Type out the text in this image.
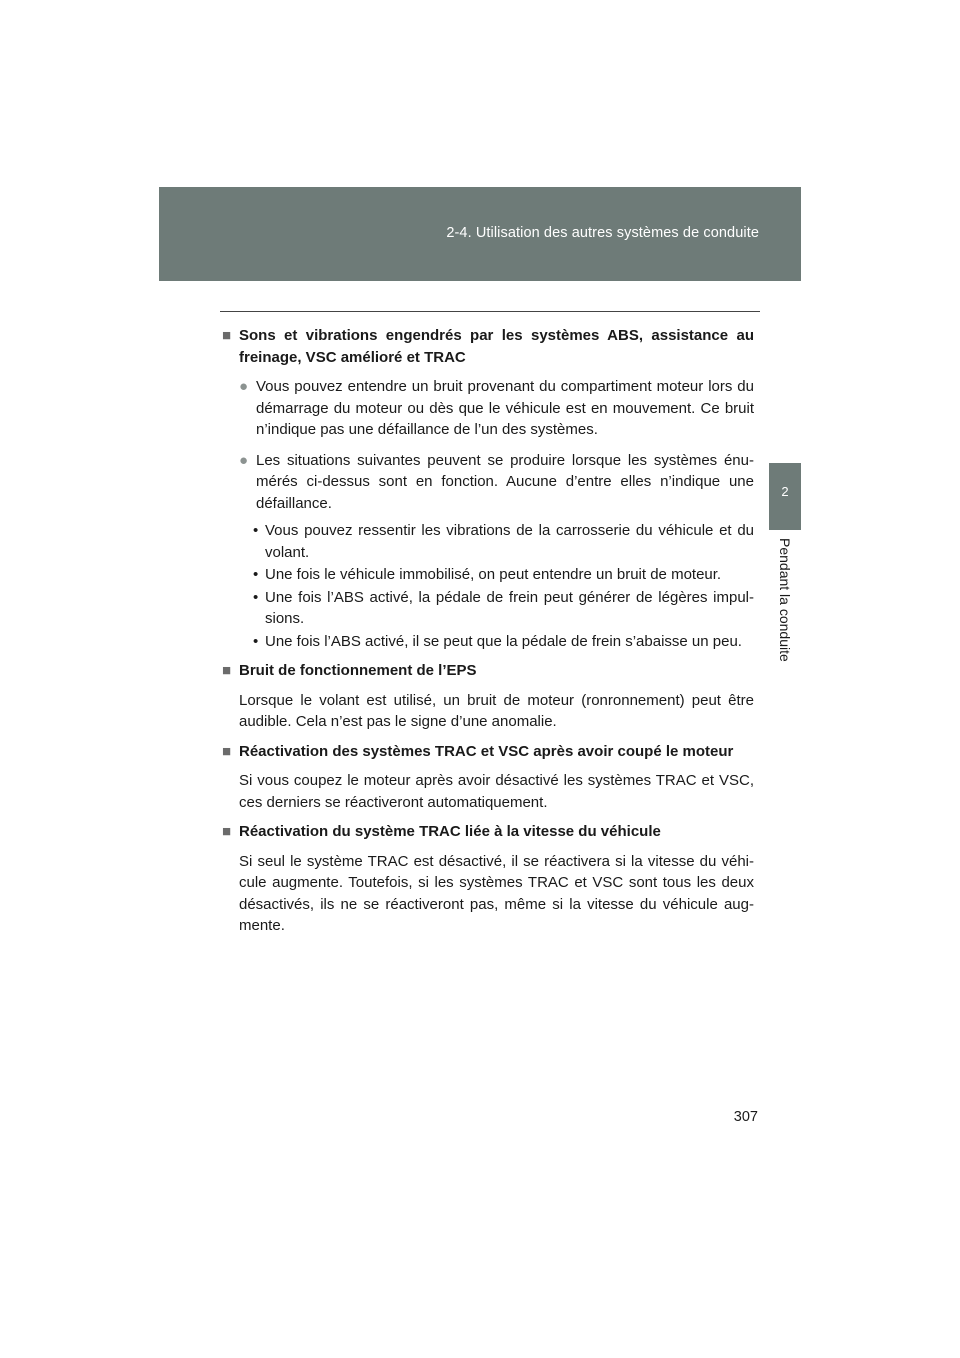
2-4. Utilisation des autres systèmes de conduite
2
Pendant la conduite
■ Sons et vibrations engendrés par les systèmes ABS, assistance au freinage, VSC amélioré et TRAC
● Vous pouvez entendre un bruit provenant du compartiment moteur lors du démarrage du moteur ou dès que le véhicule est en mouvement. Ce bruit n’indique pas une défaillance de l’un des systèmes.
● Les situations suivantes peuvent se produire lorsque les systèmes énu-mérés ci-dessus sont en fonction. Aucune d’entre elles n’indique une défaillance.
• Vous pouvez ressentir les vibrations de la carrosserie du véhicule et du volant.
• Une fois le véhicule immobilisé, on peut entendre un bruit de moteur.
• Une fois l’ABS activé, la pédale de frein peut générer de légères impul-sions.
• Une fois l’ABS activé, il se peut que la pédale de frein s’abaisse un peu.
■ Bruit de fonctionnement de l’EPS
Lorsque le volant est utilisé, un bruit de moteur (ronronnement) peut être audible. Cela n’est pas le signe d’une anomalie.
■ Réactivation des systèmes TRAC et VSC après avoir coupé le moteur
Si vous coupez le moteur après avoir désactivé les systèmes TRAC et VSC, ces derniers se réactiveront automatiquement.
■ Réactivation du système TRAC liée à la vitesse du véhicule
Si seul le système TRAC est désactivé, il se réactivera si la vitesse du véhi-cule augmente. Toutefois, si les systèmes TRAC et VSC sont tous les deux désactivés, ils ne se réactiveront pas, même si la vitesse du véhicule aug-mente.
307
